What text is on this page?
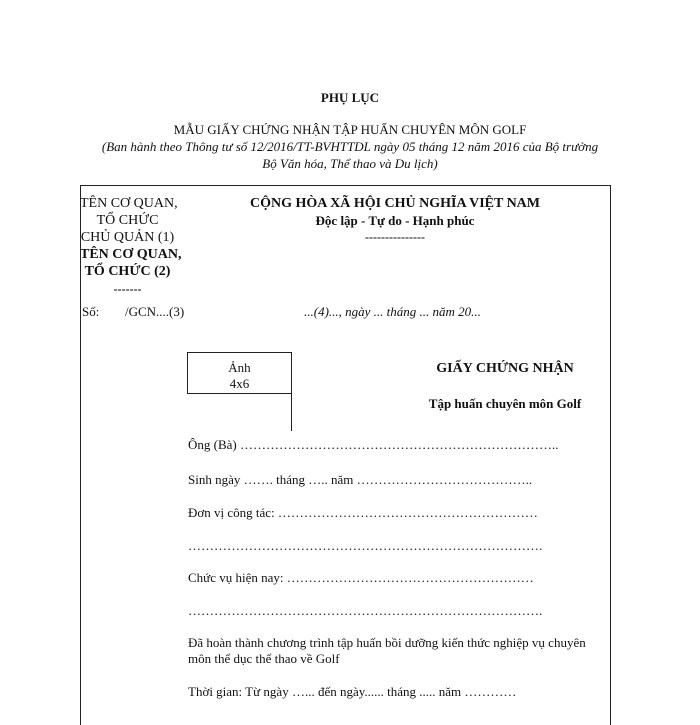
PHỤ LỤC
MẪU GIẤY CHỨNG NHẬN TẬP HUẤN CHUYÊN MÔN GOLF
(Ban hành theo Thông tư số 12/2016/TT-BVHTTDL ngày 05 tháng 12 năm 2016 của Bộ trưởng
Bộ Văn hóa, Thể thao và Du lịch)
TÊN CƠ QUAN,
TỔ CHỨC
CHỦ QUẢN (1)
TÊN CƠ QUAN,
TỔ CHỨC (2)
-------
CỘNG HÒA XÃ HỘI CHỦ NGHĨA VIỆT NAM
Độc lập - Tự do - Hạnh phúc
---------------
Số: /GCN....(3)	...(4)..., ngày ... tháng ... năm 20...
Ảnh
4x6
GIẤY CHỨNG NHẬN
Tập huấn chuyên môn Golf
Ông (Bà) ………………………………………………………………..
Sinh ngày ……. tháng ….. năm …………………………………..
Đơn vị công tác: ……………………………………………………
……………………………………………………………………….
Chức vụ hiện nay: …………………………………………………
……………………………………………………………………….
Đã hoàn thành chương trình tập huấn bồi dưỡng kiến thức nghiệp vụ chuyên
môn thể dục thể thao về Golf
Thời gian: Từ ngày …... đến ngày...... tháng ..... năm …………
